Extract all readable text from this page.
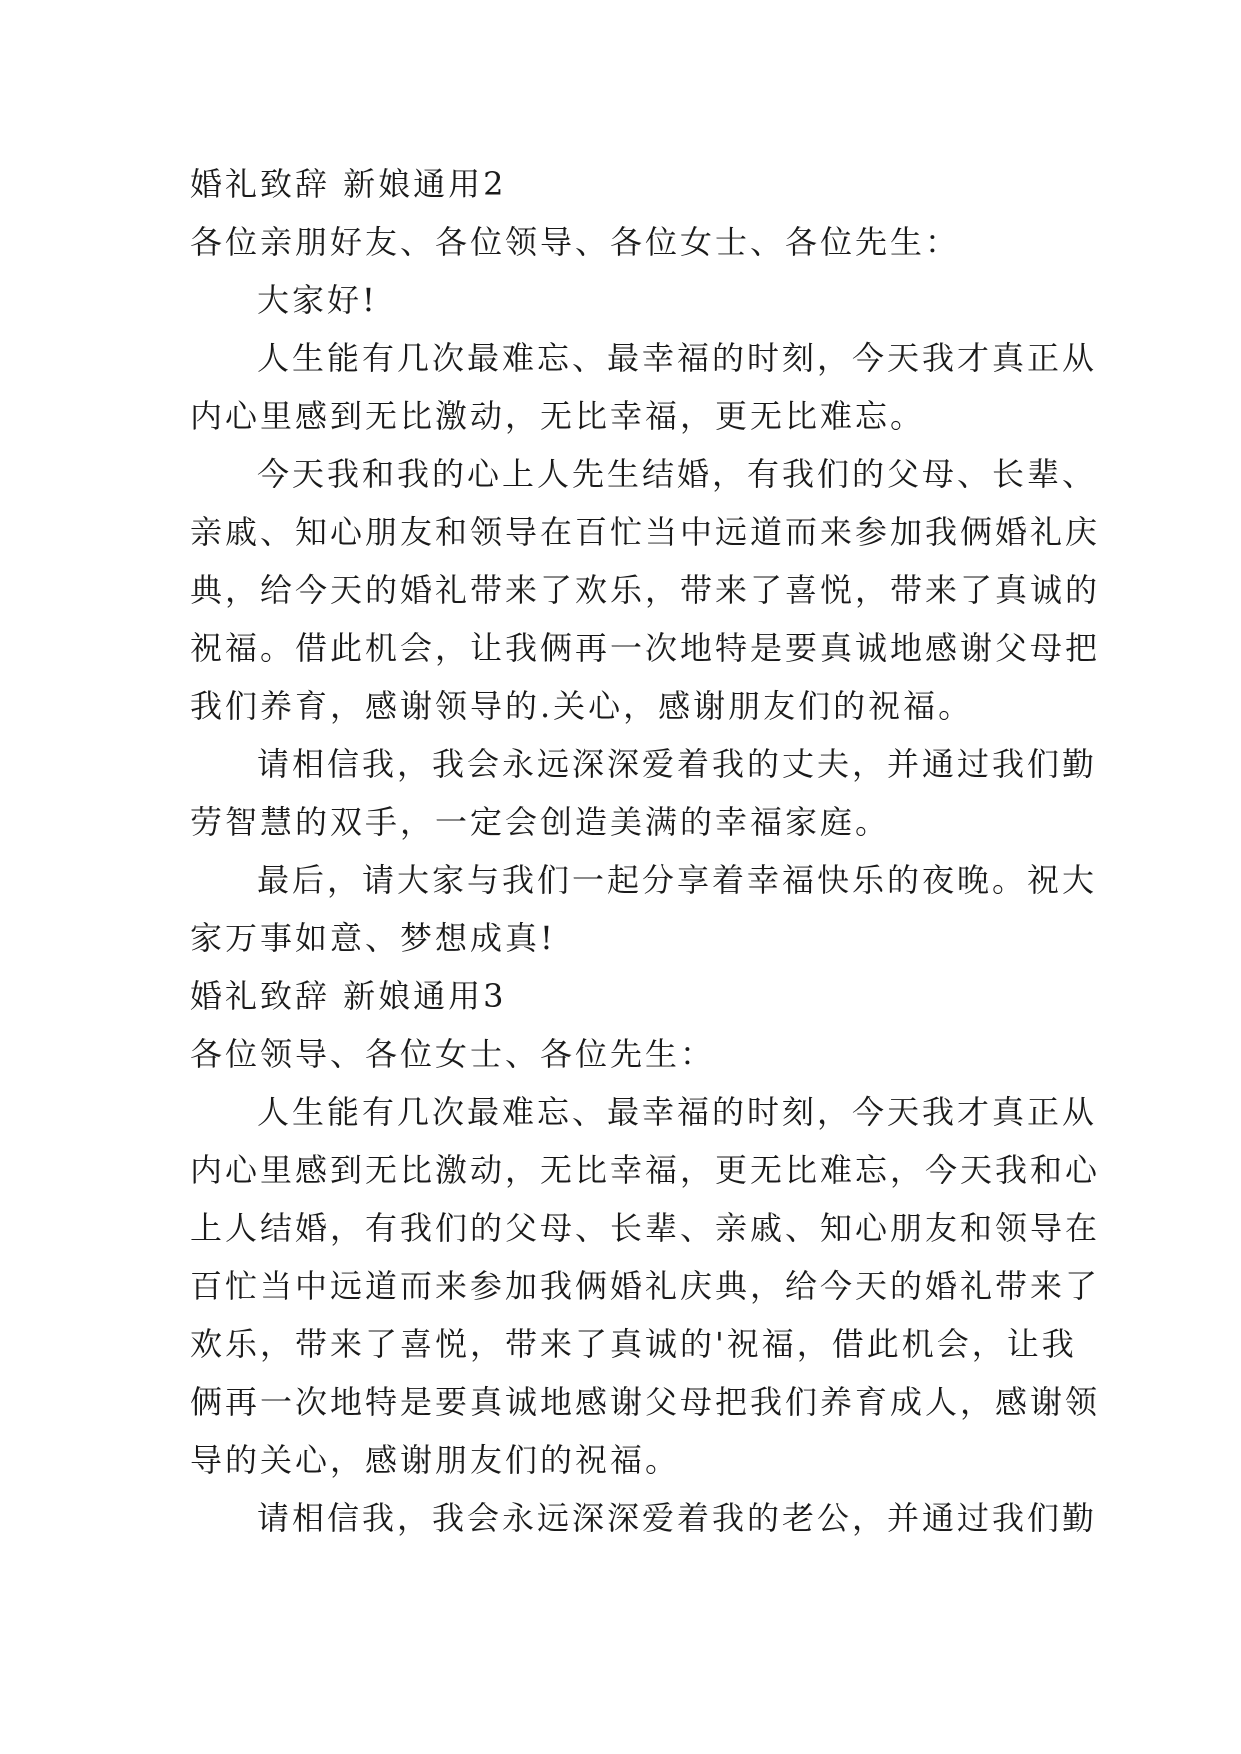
婚礼致辞 新娘通用2
各位亲朋好友、各位领导、各位女士、各位先生：
大家好!
人生能有几次最难忘、最幸福的时刻，今天我才真正从
内心里感到无比激动，无比幸福，更无比难忘。
今天我和我的心上人先生结婚，有我们的父母、长辈、
亲戚、知心朋友和领导在百忙当中远道而来参加我俩婚礼庆
典，给今天的婚礼带来了欢乐，带来了喜悦，带来了真诚的
祝福。借此机会，让我俩再一次地特是要真诚地感谢父母把
我们养育，感谢领导的.关心，感谢朋友们的祝福。
请相信我，我会永远深深爱着我的丈夫，并通过我们勤
劳智慧的双手，一定会创造美满的幸福家庭。
最后，请大家与我们一起分享着幸福快乐的夜晚。祝大
家万事如意、梦想成真!
婚礼致辞 新娘通用3
各位领导、各位女士、各位先生：
人生能有几次最难忘、最幸福的时刻，今天我才真正从
内心里感到无比激动，无比幸福，更无比难忘，今天我和心
上人结婚，有我们的父母、长辈、亲戚、知心朋友和领导在
百忙当中远道而来参加我俩婚礼庆典，给今天的婚礼带来了
欢乐，带来了喜悦，带来了真诚的'祝福，借此机会，让我
俩再一次地特是要真诚地感谢父母把我们养育成人，感谢领
导的关心，感谢朋友们的祝福。
请相信我，我会永远深深爱着我的老公，并通过我们勤
